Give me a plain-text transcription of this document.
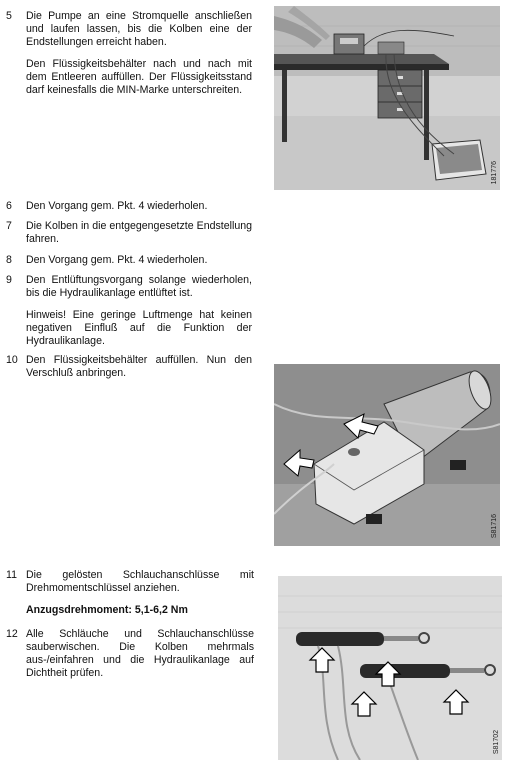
5	Die Pumpe an eine Stromquelle anschließen und laufen lassen, bis die Kolben eine der Endstellungen erreicht haben.

Den Flüssigkeitsbehälter nach und nach mit dem Entleeren auffüllen. Der Flüssigkeitsstand darf keinesfalls die MIN-Marke unterschreiten.

6	Den Vorgang gem. Pkt. 4 wiederholen.

7	Die Kolben in die entgegengesetzte Endstellung fahren.

8	Den Vorgang gem. Pkt. 4 wiederholen.

9	Den Entlüftungsvorgang solange wiederholen, bis die Hydraulikanlage entlüftet ist.

Hinweis! Eine geringe Luftmenge hat keinen negativen Einfluß auf die Funktion der Hydraulikanlage.

10 Den Flüssigkeitsbehälter auffüllen. Nun den Verschluß anbringen.

11 Die gelösten Schlauchanschlüsse mit Drehmomentschlüssel anziehen.

Anzugsdrehmoment: 5,1-6,2 Nm

12 Alle Schläuche und Schlauchanschlüsse sauberwischen. Die Kolben mehrmals aus-/einfahren und die Hydraulikanlage auf Dichtheit prüfen.

181776
S81716
S81702
